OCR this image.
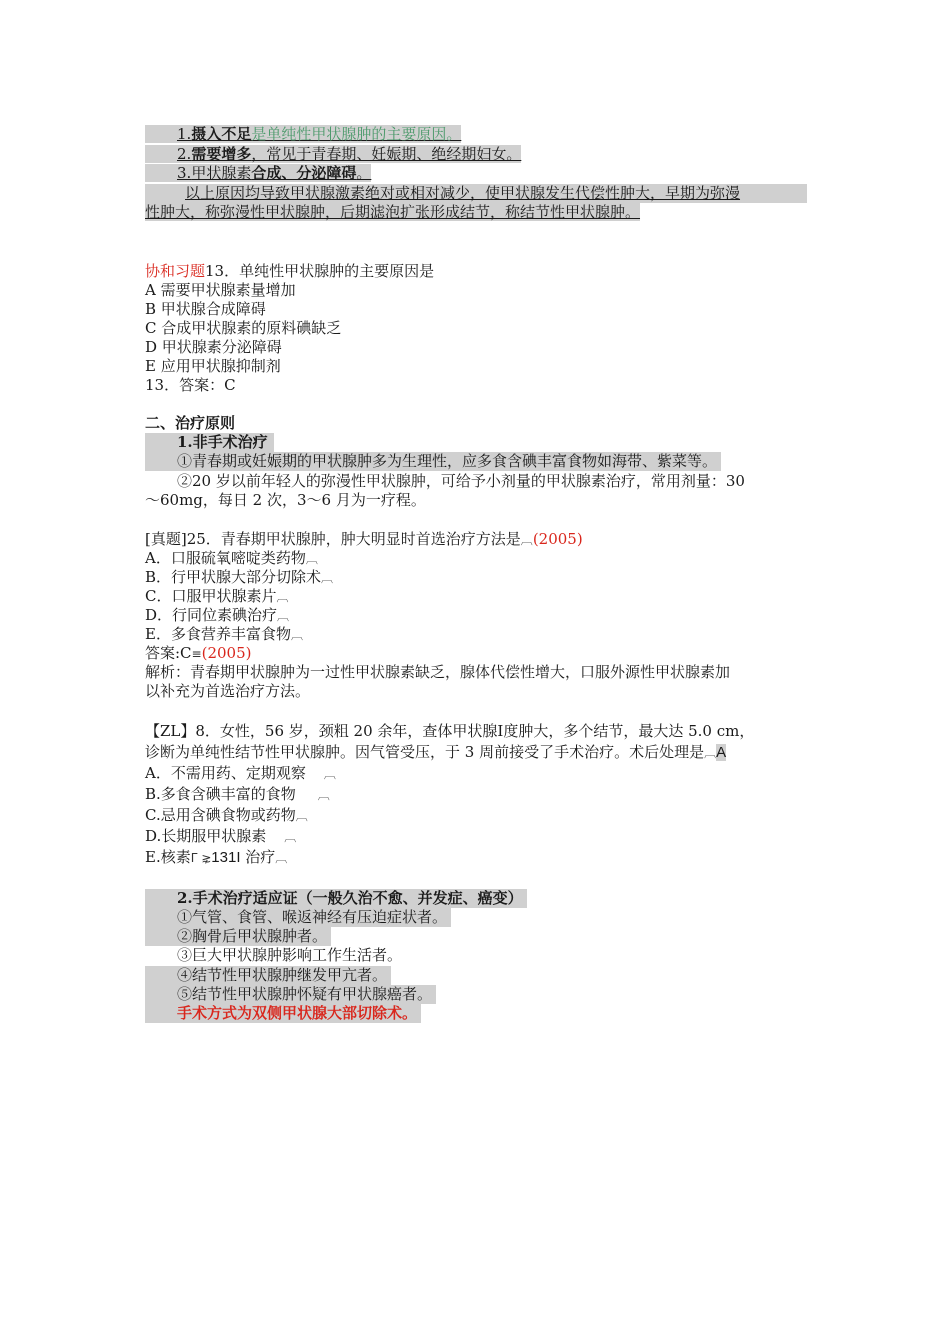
1.摄入不足是单纯性甲状腺肿的主要原因。
2.需要增多，常见于青春期、妊娠期、绝经期妇女。
3.甲状腺素合成、分泌障碍。
以上原因均导致甲状腺激素绝对或相对减少，使甲状腺发生代偿性肿大，早期为弥漫
性肿大，称弥漫性甲状腺肿，后期滤泡扩张形成结节，称结节性甲状腺肿。
协和习题13．单纯性甲状腺肿的主要原因是
A 需要甲状腺素量增加
B 甲状腺合成障碍
C 合成甲状腺素的原料碘缺乏
D 甲状腺素分泌障碍
E 应用甲状腺抑制剂
13．答案：C
二、治疗原则
1.非手术治疗
①青春期或妊娠期的甲状腺肿多为生理性，应多食含碘丰富食物如海带、紫菜等。
②20 岁以前年轻人的弥漫性甲状腺肿，可给予小剂量的甲状腺素治疗，常用剂量：30
～60mg，每日 2 次，3～6 月为一疗程。
[真题]25．青春期甲状腺肿，肿大明显时首选治疗方法是︹(2005)
A．口服硫氧嘧啶类药物︹
B．行甲状腺大部分切除术︹
C．口服甲状腺素片︹
D．行同位素碘治疗︹
E．多食营养丰富食物︹
答案:C≡(2005)
解析：青春期甲状腺肿为一过性甲状腺素缺乏，腺体代偿性增大，口服外源性甲状腺素加
以补充为首选治疗方法。
【ZL】8．女性，56 岁，颈粗 20 余年，查体甲状腺Ⅰ度肿大，多个结节，最大达 5.0 cm，
诊断为单纯性结节性甲状腺肿。因气管受压，于 3 周前接受了手术治疗。术后处理是︹A
A．不需用药、定期观察 ︹
B.多食含碘丰富的食物 ︹
C.忌用含碘食物或药物︹
D.长期服甲状腺素 ︹
E.核素ᒥ ⋧131I 治疗︹
2.手术治疗适应证（一般久治不愈、并发症、癌变）
①气管、食管、喉返神经有压迫症状者。
②胸骨后甲状腺肿者。
③巨大甲状腺肿影响工作生活者。
④结节性甲状腺肿继发甲亢者。
⑤结节性甲状腺肿怀疑有甲状腺癌者。
手术方式为双侧甲状腺大部切除术。
